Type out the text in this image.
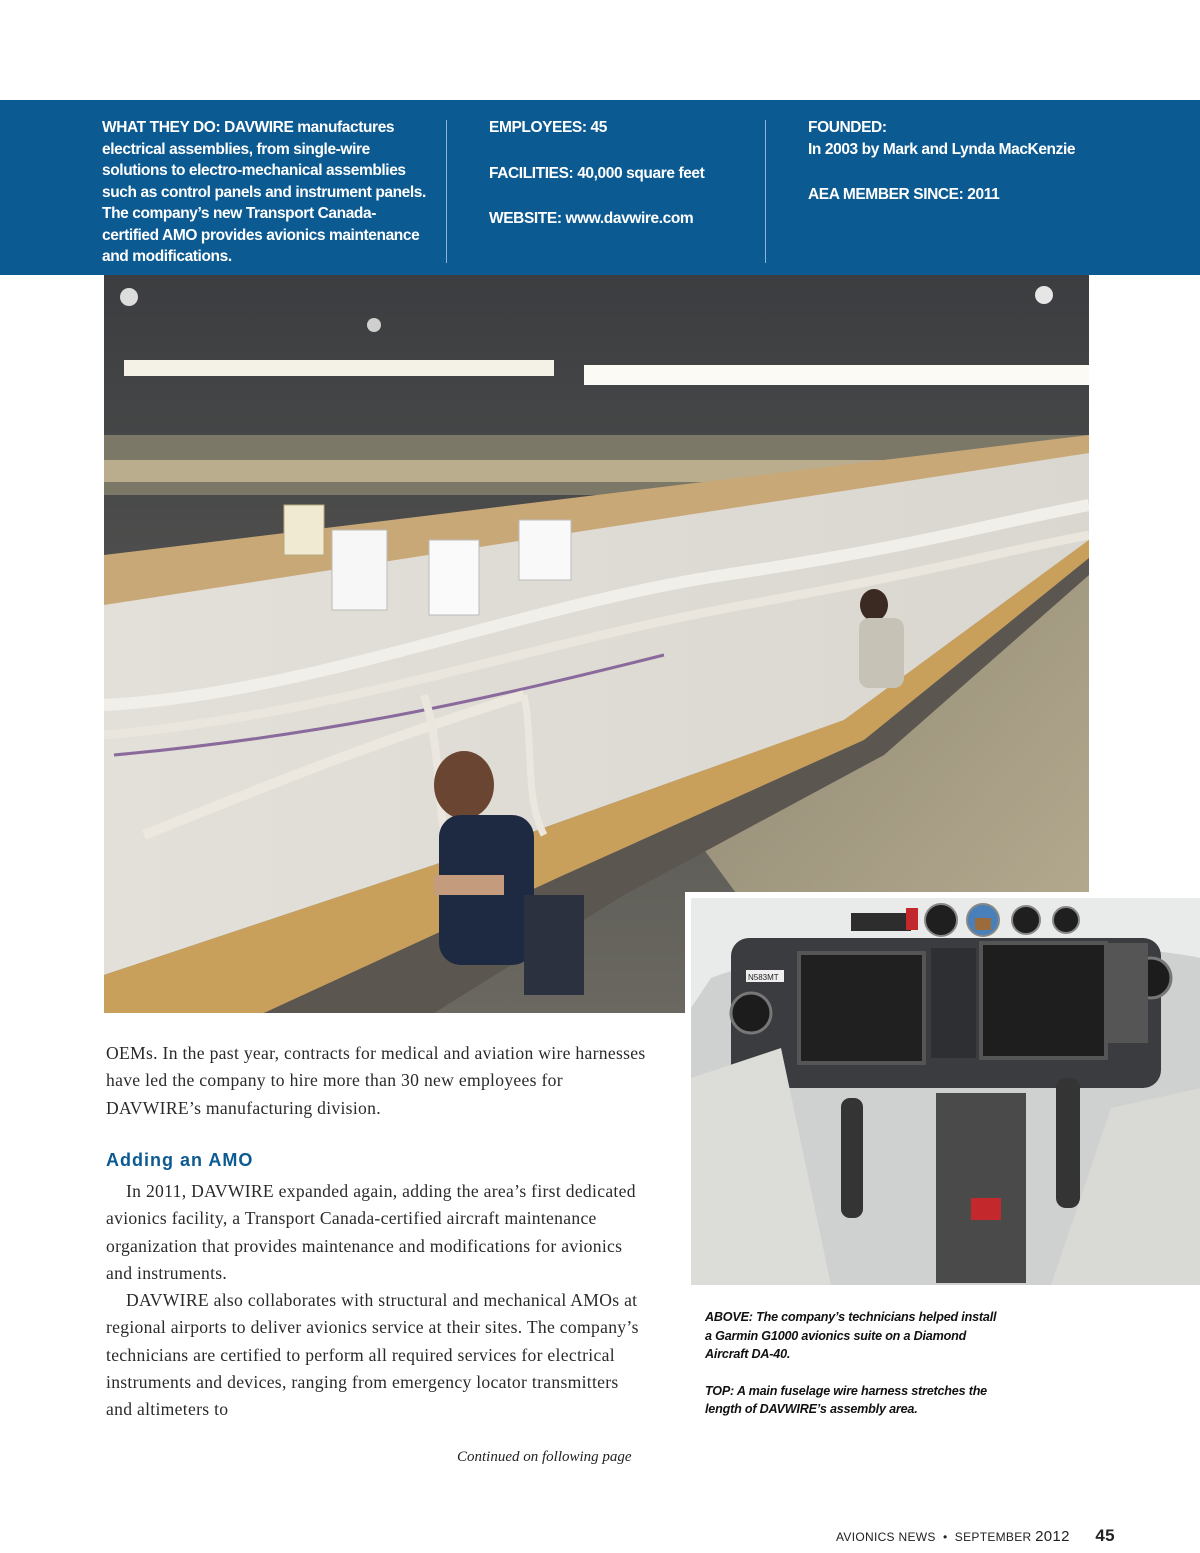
WHAT THEY DO: DAVWIRE manufactures electrical assemblies, from single-wire solutions to electro-mechanical assemblies such as control panels and instrument panels. The company’s new Transport Canada-certified AMO provides avionics maintenance and modifications.

EMPLOYEES: 45

FACILITIES: 40,000 square feet

WEBSITE: www.davwire.com

FOUNDED:
In 2003 by Mark and Lynda MacKenzie

AEA MEMBER SINCE: 2011

N583MT

OEMs. In the past year, contracts for medical and aviation wire harnesses have led the company to hire more than 30 new employees for DAVWIRE’s manufacturing division.

Adding an AMO

In 2011, DAVWIRE expanded again, adding the area’s first dedicated avionics facility, a Transport Canada-certified aircraft maintenance organization that provides maintenance and modifications for avionics and instruments.

DAVWIRE also collaborates with structural and mechanical AMOs at regional airports to deliver avionics service at their sites. The company’s technicians are certified to perform all required services for electrical instruments and devices, ranging from emergency locator transmitters and altimeters to

Continued on following page

ABOVE: The company’s technicians helped install a Garmin G1000 avionics suite on a Diamond Aircraft DA-40.

TOP: A main fuselage wire harness stretches the length of DAVWIRE’s assembly area.

AVIONICS NEWS • SEPTEMBER 2012 45
